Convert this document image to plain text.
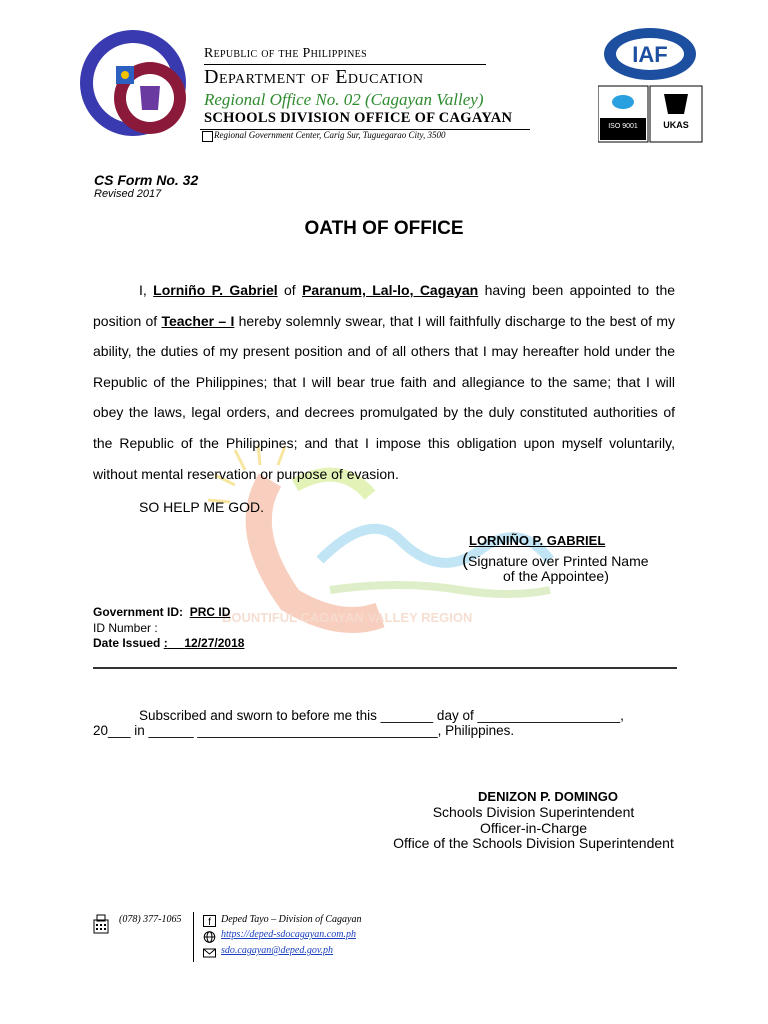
Republic of the Philippines
Department of Education
Regional Office No. 02 (Cagayan Valley)
SCHOOLS DIVISION OFFICE OF CAGAYAN
Regional Government Center, Carig Sur, Tuguegarao City, 3500
IAF
ISO 9001	UKAS
CS Form No. 32
Revised 2017
OATH OF OFFICE
BOUNTIFUL CAGAYAN VALLEY REGION
I, Lorniño P. Gabriel of Paranum, Lal-lo, Cagayan having been appointed to the position of Teacher – I hereby solemnly swear, that I will faithfully discharge to the best of my ability, the duties of my present position and of all others that I may hereafter hold under the Republic of the Philippines; that I will bear true faith and allegiance to the same; that I will obey the laws, legal orders, and decrees promulgated by the duly constituted authorities of the Republic of the Philippines; and that I impose this obligation upon myself voluntarily, without mental reservation or purpose of evasion.
SO HELP ME GOD.
LORNIÑO P. GABRIEL
(Signature over Printed Name
of the Appointee)
Government ID: PRC ID
ID Number :
Date Issued : 12/27/2018
Subscribed and sworn to before me this _______ day of ___________________,
20___ in ______ ________________________________, Philippines.
DENIZON P. DOMINGO
Schools Division Superintendent
Officer-in-Charge
Office of the Schools Division Superintendent
(078) 377-1065	f Deped Tayo – Division of Cagayan
https://deped-sdocagayan.com.ph
sdo.cagayan@deped.gov.ph
